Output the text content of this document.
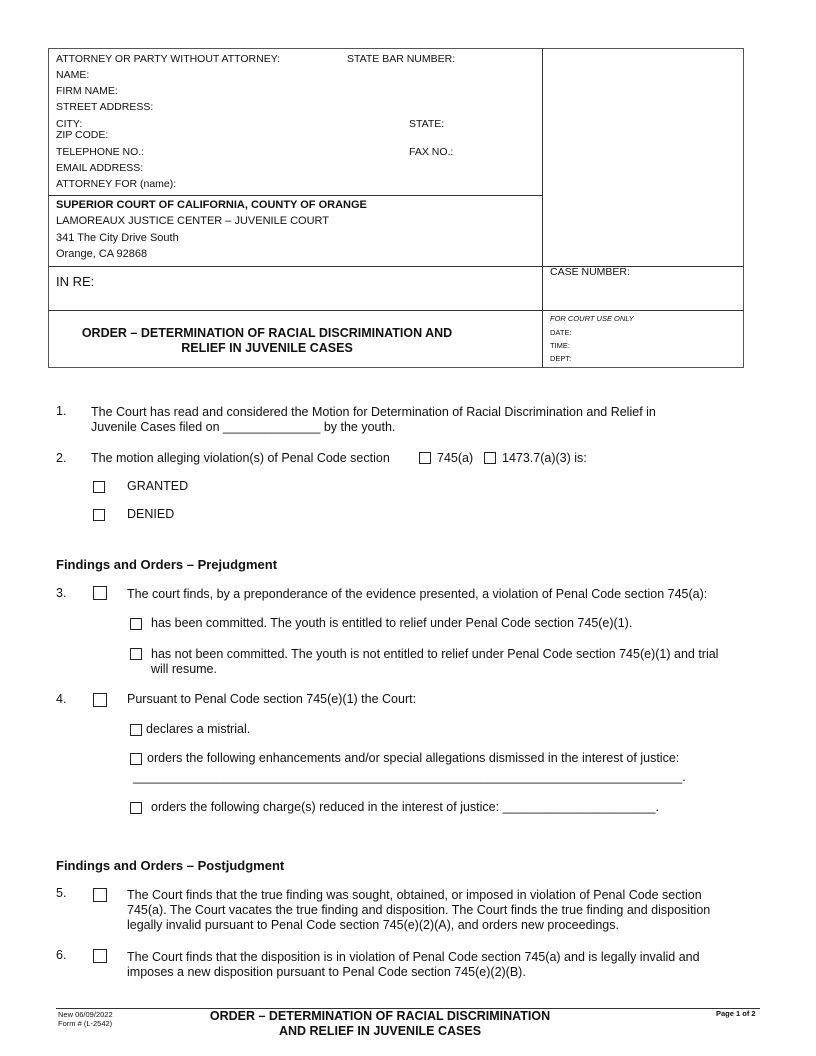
ATTORNEY OR PARTY WITHOUT ATTORNEY:	STATE BAR NUMBER:
NAME:
FIRM NAME:
STREET ADDRESS:
CITY:	STATE:
ZIP CODE:
TELEPHONE NO.:	FAX NO.:
EMAIL ADDRESS:
ATTORNEY FOR (name):
SUPERIOR COURT OF CALIFORNIA, COUNTY OF ORANGE
LAMOREAUX JUSTICE CENTER – JUVENILE COURT
341 The City Drive South
Orange, CA 92868
IN RE:
CASE NUMBER:
ORDER – DETERMINATION OF RACIAL DISCRIMINATION AND
RELIEF IN JUVENILE CASES
FOR COURT USE ONLY
DATE:
TIME:
DEPT:
1. The Court has read and considered the Motion for Determination of Racial Discrimination and Relief in
Juvenile Cases filed on ______________ by the youth.
2. The motion alleging violation(s) of Penal Code section	745(a) 1473.7(a)(3) is:
GRANTED
DENIED
Findings and Orders – Prejudgment
3.	The court finds, by a preponderance of the evidence presented, a violation of Penal Code section 745(a):
has been committed. The youth is entitled to relief under Penal Code section 745(e)(1).
has not been committed. The youth is not entitled to relief under Penal Code section 745(e)(1) and trial
will resume.
4.	Pursuant to Penal Code section 745(e)(1) the Court:
declares a mistrial.
orders the following enhancements and/or special allegations dismissed in the interest of justice:
_______________________________________________________________________________.
orders the following charge(s) reduced in the interest of justice: ______________________.
Findings and Orders – Postjudgment
5.	The Court finds that the true finding was sought, obtained, or imposed in violation of Penal Code section
745(a). The Court vacates the true finding and disposition. The Court finds the true finding and disposition
legally invalid pursuant to Penal Code section 745(e)(2)(A), and orders new proceedings.
6.	The Court finds that the disposition is in violation of Penal Code section 745(a) and is legally invalid and
imposes a new disposition pursuant to Penal Code section 745(e)(2)(B).
New 06/09/2022
Form # (L-2542)
ORDER – DETERMINATION OF RACIAL DISCRIMINATION
AND RELIEF IN JUVENILE CASES
Page 1 of 2
